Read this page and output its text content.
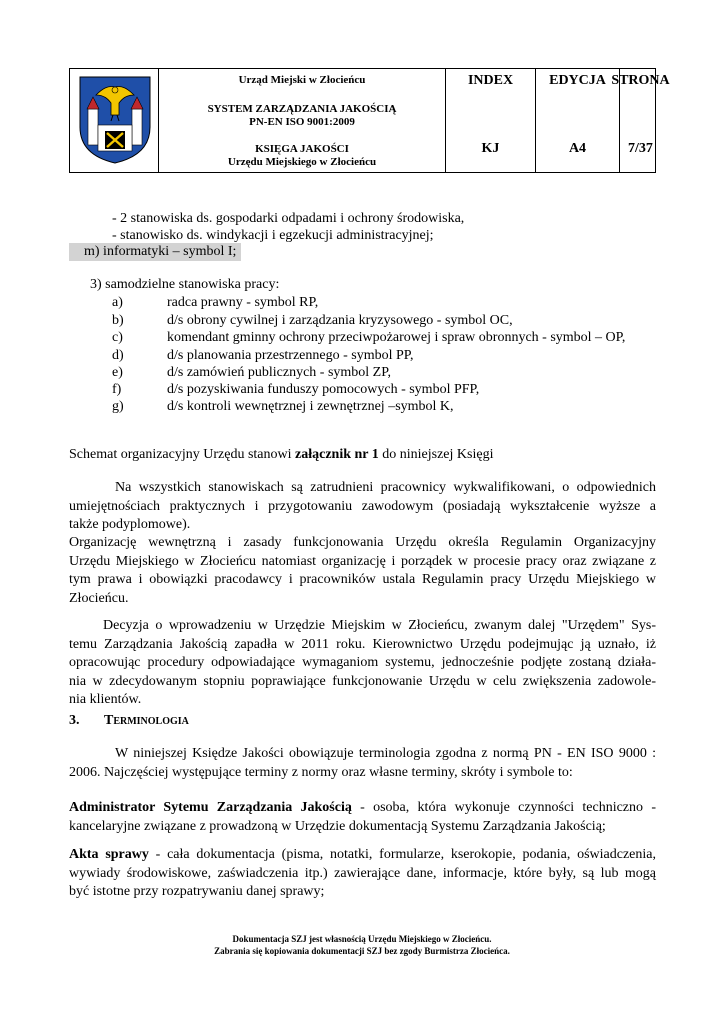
Urząd Miejski w Złocieńcu
SYSTEM ZARZĄDZANIA JAKOŚCIĄ
PN-EN ISO 9001:2009
KSIĘGA JAKOŚCI
Urzędu Miejskiego w Złocieńcu
INDEX
KJ
EDYCJA
A4
STRONA
7/37
- 2 stanowiska ds. gospodarki odpadami i ochrony środowiska,
- stanowisko ds. windykacji i egzekucji administracyjnej;
m) informatyki – symbol I;
3) samodzielne stanowiska pracy:
a)	radca prawny - symbol RP,
b)	d/s obrony cywilnej i zarządzania kryzysowego - symbol OC,
c)	komendant gminny ochrony przeciwpożarowej i spraw obronnych - symbol – OP,
d)	d/s planowania przestrzennego - symbol PP,
e)	d/s zamówień publicznych - symbol ZP,
f)	d/s pozyskiwania funduszy pomocowych - symbol PFP,
g)	d/s kontroli wewnętrznej i zewnętrznej –symbol K,
Schemat organizacyjny Urzędu stanowi załącznik nr 1 do niniejszej Księgi
Na wszystkich stanowiskach są zatrudnieni pracownicy wykwalifikowani, o odpowiednich
umiejętnościach praktycznych i przygotowaniu zawodowym (posiadają wykształcenie wyższe a
także podyplomowe).
Organizację wewnętrzną i zasady funkcjonowania Urzędu określa Regulamin Organizacyjny
Urzędu Miejskiego w Złocieńcu natomiast organizację i porządek w procesie pracy oraz związane z
tym prawa i obowiązki pracodawcy i pracowników ustala Regulamin pracy Urzędu Miejskiego w
Złocieńcu.
Decyzja o wprowadzeniu w Urzędzie Miejskim w Złocieńcu, zwanym dalej "Urzędem" Sys-
temu Zarządzania Jakością zapadła w 2011 roku. Kierownictwo Urzędu podejmując ją uznało, iż
opracowując procedury odpowiadające wymaganiom systemu, jednocześnie podjęte zostaną działa-
nia w zdecydowanym stopniu poprawiające funkcjonowanie Urzędu w celu zwiększenia zadowole-
nia klientów.
3. Terminologia
W niniejszej Księdze Jakości obowiązuje terminologia zgodna z normą PN - EN ISO 9000 :
2006. Najczęściej występujące terminy z normy oraz własne terminy, skróty i symbole to:
Administrator Sytemu Zarządzania Jakością - osoba, która wykonuje czynności techniczno -
kancelaryjne związane z prowadzoną w Urzędzie dokumentacją Systemu Zarządzania Jakością;
Akta sprawy - cała dokumentacja (pisma, notatki, formularze, kserokopie, podania, oświadczenia,
wywiady środowiskowe, zaświadczenia itp.) zawierające dane, informacje, które były, są lub mogą
być istotne przy rozpatrywaniu danej sprawy;
Dokumentacja SZJ jest własnością Urzędu Miejskiego w Złocieńcu.
Zabrania się kopiowania dokumentacji SZJ bez zgody Burmistrza Złocieńca.
